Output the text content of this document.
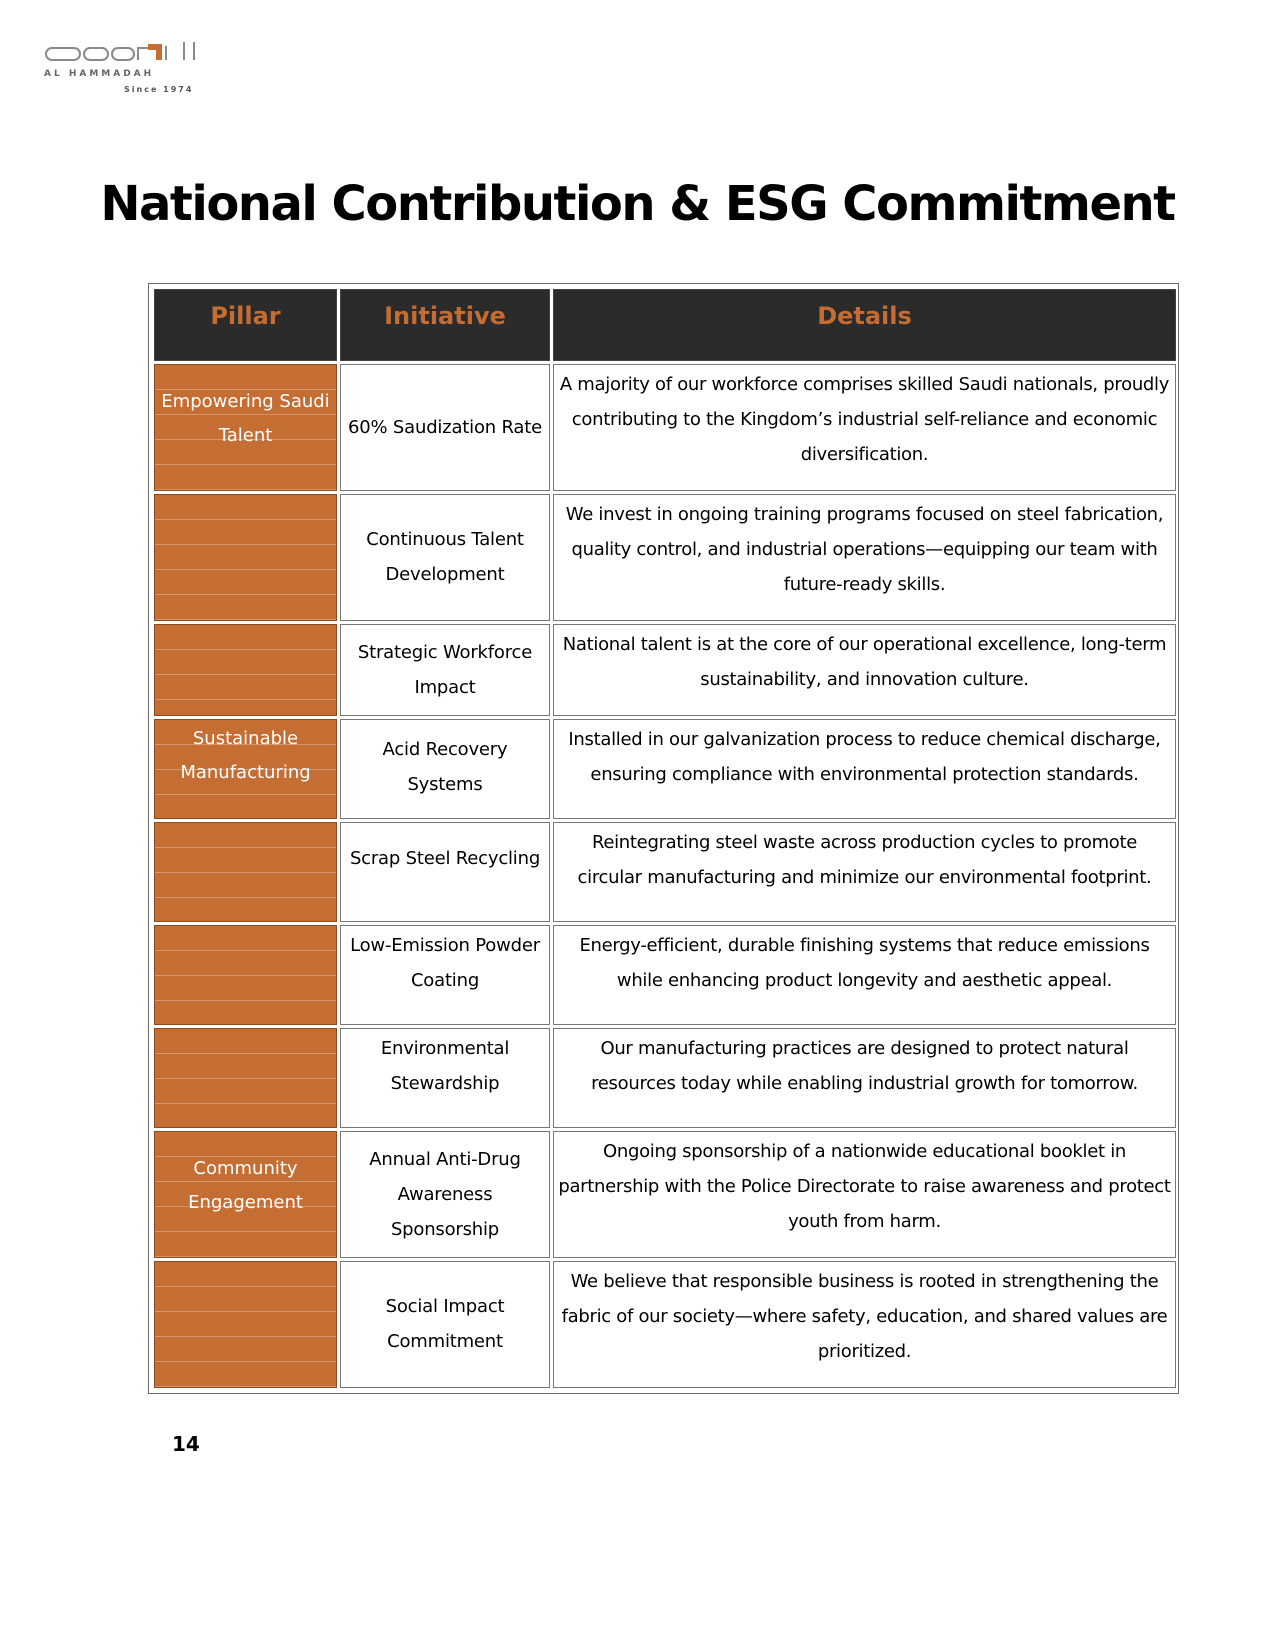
AL HAMMADAH
Since 1974
National Contribution & ESG Commitment
Pillar	Initiative	Details
Empowering Saudi Talent	60% Saudization Rate	A majority of our workforce comprises skilled Saudi nationals, proudly contributing to the Kingdom’s industrial self-reliance and economic diversification.
	Continuous Talent Development	We invest in ongoing training programs focused on steel fabrication, quality control, and industrial operations—equipping our team with future-ready skills.
	Strategic Workforce Impact	National talent is at the core of our operational excellence, long-term sustainability, and innovation culture.
Sustainable Manufacturing	Acid Recovery Systems	Installed in our galvanization process to reduce chemical discharge, ensuring compliance with environmental protection standards.
	Scrap Steel Recycling	Reintegrating steel waste across production cycles to promote circular manufacturing and minimize our environmental footprint.
	Low-Emission Powder Coating	Energy-efficient, durable finishing systems that reduce emissions while enhancing product longevity and aesthetic appeal.
	Environmental Stewardship	Our manufacturing practices are designed to protect natural resources today while enabling industrial growth for tomorrow.
Community Engagement	Annual Anti-Drug Awareness Sponsorship	Ongoing sponsorship of a nationwide educational booklet in partnership with the Police Directorate to raise awareness and protect youth from harm.
	Social Impact Commitment	We believe that responsible business is rooted in strengthening the fabric of our society—where safety, education, and shared values are prioritized.
14
